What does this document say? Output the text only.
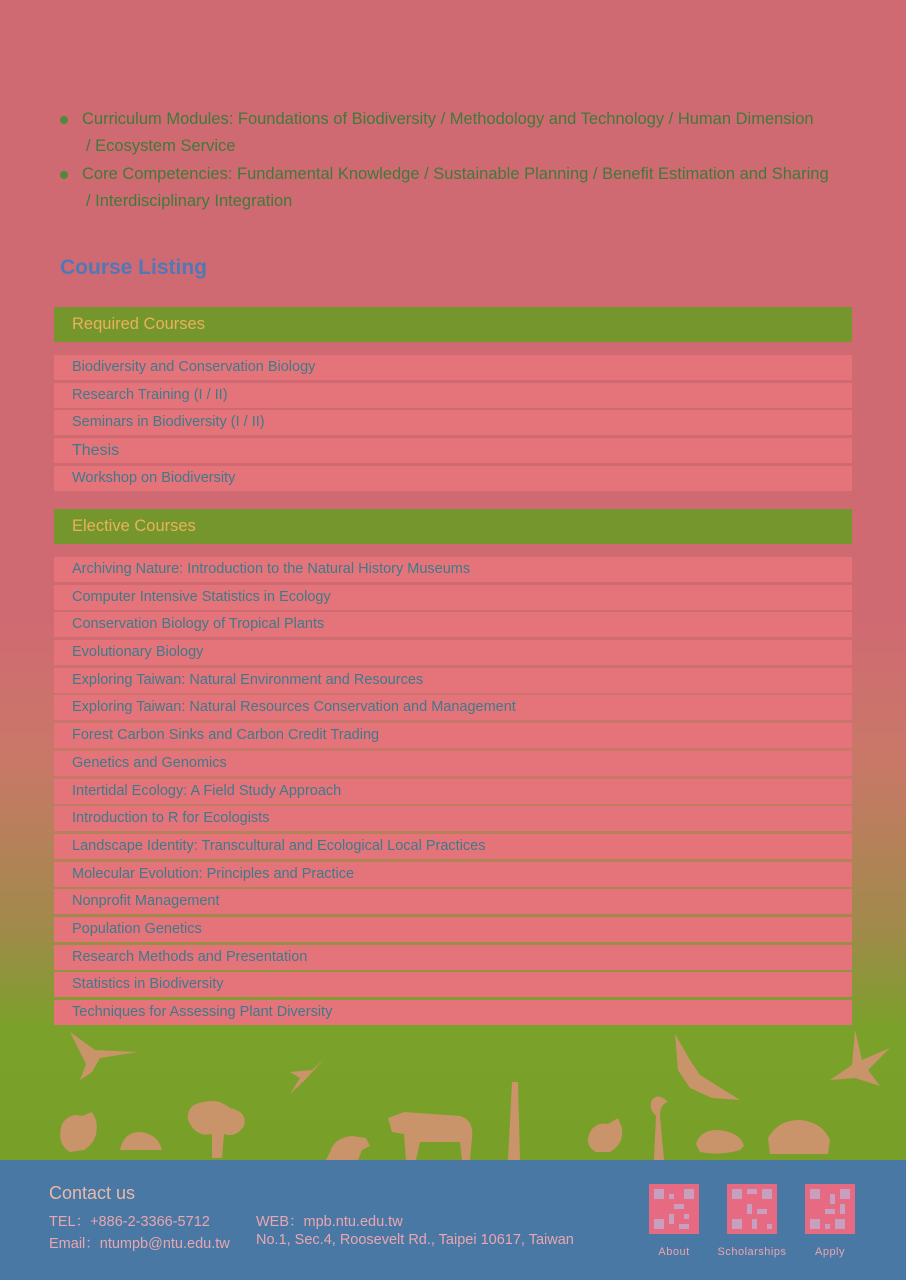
Curriculum Modules: Foundations of Biodiversity / Methodology and Technology / Human Dimension
/ Ecosystem Service
Core Competencies: Fundamental Knowledge / Sustainable Planning / Benefit Estimation and Sharing
/ Interdisciplinary Integration
Course Listing
Required Courses
Biodiversity and Conservation Biology
Research Training (I / II)
Seminars in Biodiversity (I / II)
Thesis
Workshop on Biodiversity
Elective Courses
Archiving Nature: Introduction to the Natural History Museums
Computer Intensive Statistics in Ecology
Conservation Biology of Tropical Plants
Evolutionary Biology
Exploring Taiwan: Natural Environment and Resources
Exploring Taiwan: Natural Resources Conservation and Management
Forest Carbon Sinks and Carbon Credit Trading
Genetics and Genomics
Intertidal Ecology: A Field Study Approach
Introduction to R for Ecologists
Landscape Identity: Transcultural and Ecological Local Practices
Molecular Evolution: Principles and Practice
Nonprofit Management
Population Genetics
Research Methods and Presentation
Statistics in Biodiversity
Techniques for Assessing Plant Diversity
Contact us
TEL：+886-2-3366-5712
Email：ntumpb@ntu.edu.tw
WEB：mpb.ntu.edu.tw
No.1, Sec.4, Roosevelt Rd., Taipei 10617, Taiwan
About	Scholarships	Apply
